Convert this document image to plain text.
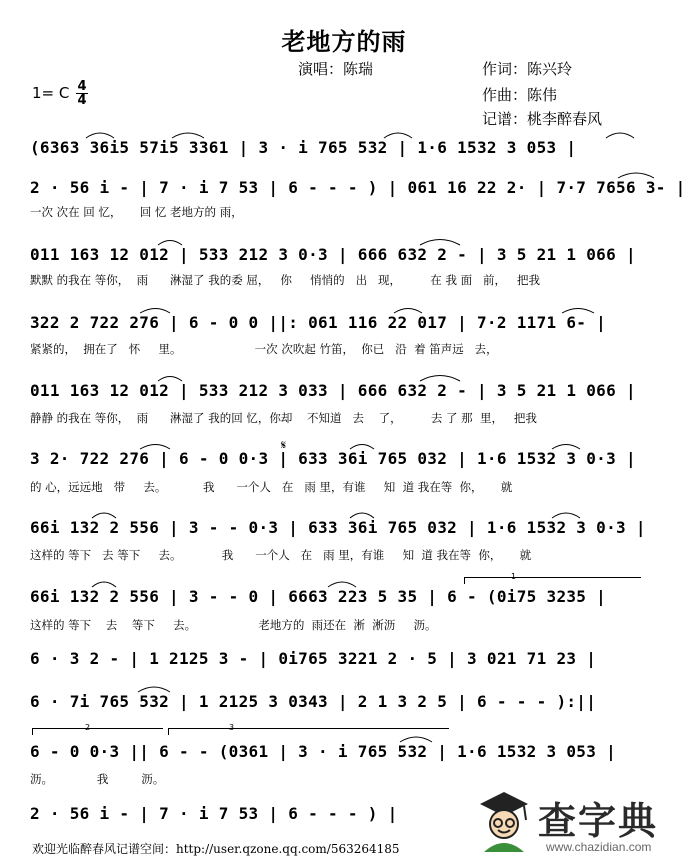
老地方的雨
演唱：陈瑞	作词：陈兴玲
作曲：陈伟
记谱：桃李醉春风
1= C 4
4
(6363 36i5 57i5 3361 | 3 · i 765 532 | 1·6 1532 3 053 |
2 · 56 i - | 7 · i 7 53 | 6 - - - ) | 061 16 22 2· | 7·7 7656 3- |
一次 次在 回 忆，     回 忆 老地方的 雨，
011 163 12 012 | 533 212 3 0·3 | 666 632 2 - | 3 5 21 1 066 |
默默 的我在 等你，  雨      淋湿了 我的委 屈，   你     悄悄的   出   现，        在 我 面   前，   把我
322 2 722 276 | 6 - 0 0 ||: 061 116 22 017 | 7·2 1171 6- |
紧紧的，  拥在了   怀     里。                    一次 次吹起 竹笛，  你已   沿  着 笛声远   去，
011 163 12 012 | 533 212 3 033 | 666 632 2 - | 3 5 21 1 066 |
静静 的我在 等你，  雨      淋湿了 我的回 忆，你却    不知道   去    了，        去 了 那  里，   把我
3 2· 722 276 | 6 - 0 0·3 | 633 36i 765 032 | 1·6 1532 3 0·3 |
的 心，远远地   带     去。          我      一个人   在   雨 里，有谁     知  道 我在等  你，     就
𝄋
66i 132 2 556 | 3 - - 0·3 | 633 36i 765 032 | 1·6 1532 3 0·3 |
这样的 等下   去 等下     去。           我      一个人   在   雨 里，有谁     知  道 我在等  你，     就
1
66i 132 2 556 | 3 - - 0 | 6663 223 5 35 | 6 - (0i75 3235 |
这样的 等下    去    等下     去。                 老地方的  雨还在  淅  淅沥     沥。
6 · 3 2 - | 1 2125 3 - | 0i765 3221 2 · 5 | 3 021 71 23 |
6 · 7i 765 532 | 1 2125 3 0343 | 2 1 3 2 5 | 6 - - - ):||
2	3
6 - 0 0·3 || 6 - - (0361 | 3 · i 765 532 | 1·6 1532 3 053 |
沥。            我         沥。
2 · 56 i - | 7 · i 7 53 | 6 - - - ) |
欢迎光临醉春风记谱空间：http://user.qzone.qq.com/563264185
查字典
www.chazidian.com
